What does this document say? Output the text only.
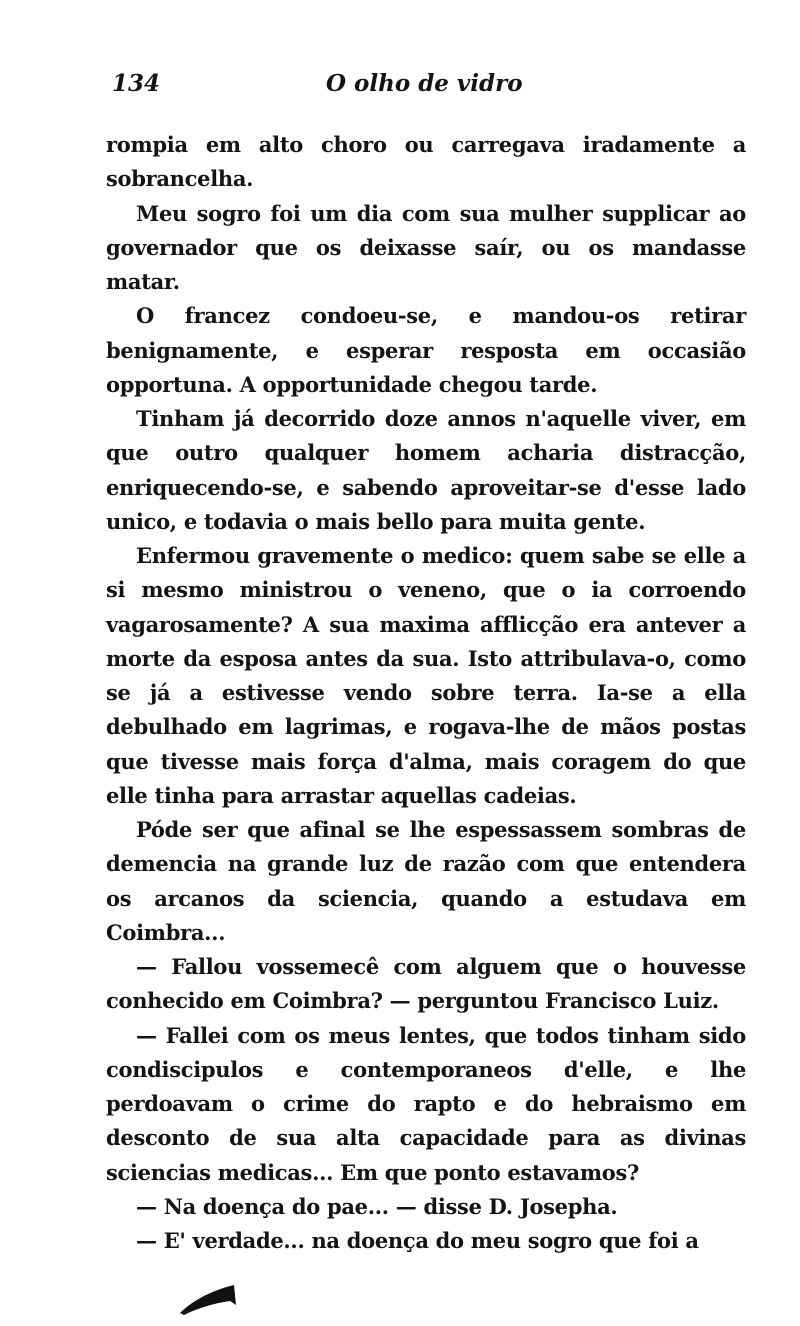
134	O olho de vidro

rompia em alto choro ou carregava iradamente a sobrancelha.

Meu sogro foi um dia com sua mulher supplicar ao governador que os deixasse saír, ou os mandasse matar.

O francez condoeu-se, e mandou-os retirar benignamente, e esperar resposta em occasião opportuna. A opportunidade chegou tarde.

Tinham já decorrido doze annos n'aquelle viver, em que outro qualquer homem acharia distracção, enriquecendo-se, e sabendo aproveitar-se d'esse lado unico, e todavia o mais bello para muita gente.

Enfermou gravemente o medico: quem sabe se elle a si mesmo ministrou o veneno, que o ia corroendo vagarosamente? A sua maxima afflicção era antever a morte da esposa antes da sua. Isto attribulava-o, como se já a estivesse vendo sobre terra. Ia-se a ella debulhado em lagrimas, e rogava-lhe de mãos postas que tivesse mais força d'alma, mais coragem do que elle tinha para arrastar aquellas cadeias.

Póde ser que afinal se lhe espessassem sombras de demencia na grande luz de razão com que entendera os arcanos da sciencia, quando a estudava em Coimbra...

— Fallou vossemecê com alguem que o houvesse conhecido em Coimbra? — perguntou Francisco Luiz.

— Fallei com os meus lentes, que todos tinham sido condiscipulos e contemporaneos d'elle, e lhe perdoavam o crime do rapto e do hebraismo em desconto de sua alta capacidade para as divinas sciencias medicas... Em que ponto estavamos?

— Na doença do pae... — disse D. Josepha.

— E' verdade... na doença do meu sogro que foi a
